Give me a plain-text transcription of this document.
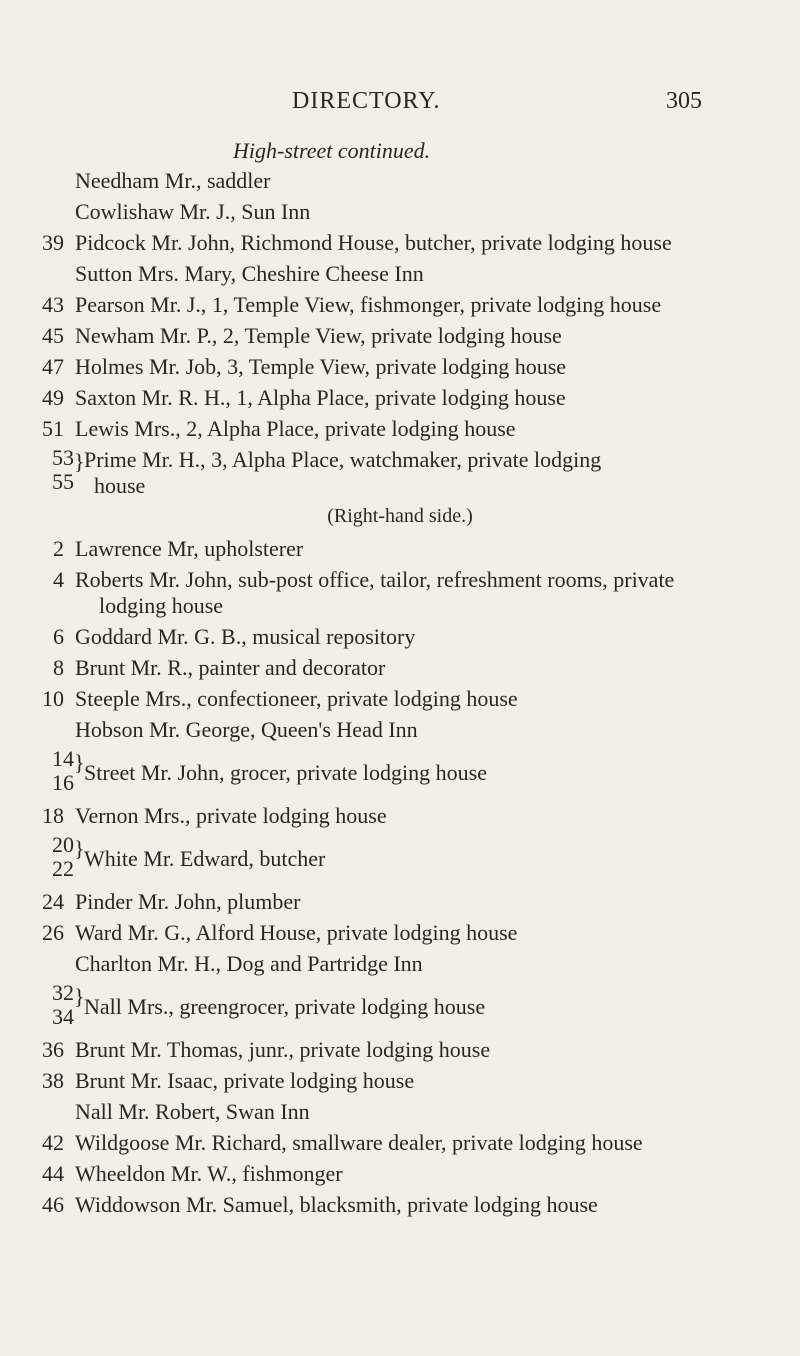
DIRECTORY.	305
High-street continued.
Needham Mr., saddler
Cowlishaw Mr. J., Sun Inn
39 Pidcock Mr. John, Richmond House, butcher, private lodging house
Sutton Mrs. Mary, Cheshire Cheese Inn
43 Pearson Mr. J., 1, Temple View, fishmonger, private lodging house
45 Newham Mr. P., 2, Temple View, private lodging house
47 Holmes Mr. Job, 3, Temple View, private lodging house
49 Saxton Mr. R. H., 1, Alpha Place, private lodging house
51 Lewis Mrs., 2, Alpha Place, private lodging house
53
55
} Prime Mr. H., 3, Alpha Place, watchmaker, private lodging
house
(Right-hand side.)
2 Lawrence Mr, upholsterer
4 Roberts Mr. John, sub-post office, tailor, refreshment rooms, private lodging house
6 Goddard Mr. G. B., musical repository
8 Brunt Mr. R., painter and decorator
10 Steeple Mrs., confectioneer, private lodging house
Hobson Mr. George, Queen's Head Inn
14
16
} Street Mr. John, grocer, private lodging house
18 Vernon Mrs., private lodging house
20
22
} White Mr. Edward, butcher
24 Pinder Mr. John, plumber
26 Ward Mr. G., Alford House, private lodging house
Charlton Mr. H., Dog and Partridge Inn
32
34
} Nall Mrs., greengrocer, private lodging house
36 Brunt Mr. Thomas, junr., private lodging house
38 Brunt Mr. Isaac, private lodging house
Nall Mr. Robert, Swan Inn
42 Wildgoose Mr. Richard, smallware dealer, private lodging house
44 Wheeldon Mr. W., fishmonger
46 Widdowson Mr. Samuel, blacksmith, private lodging house
